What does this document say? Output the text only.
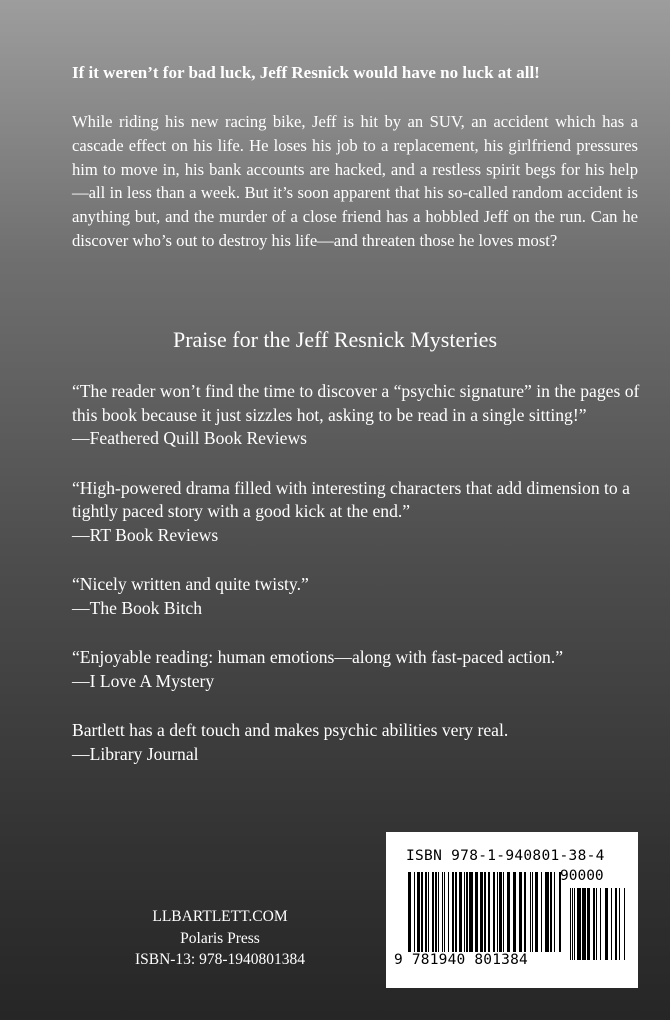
If it weren’t for bad luck, Jeff Resnick would have no luck at all!
While riding his new racing bike, Jeff is hit by an SUV, an accident which has a cascade effect on his life. He loses his job to a replacement, his girlfriend pressures him to move in, his bank accounts are hacked, and a restless spirit begs for his help—all in less than a week. But it’s soon apparent that his so-called random accident is anything but, and the murder of a close friend has a hobbled Jeff on the run. Can he discover who’s out to destroy his life—and threaten those he loves most?
Praise for the Jeff Resnick Mysteries
“The reader won’t find the time to discover a “psychic signature” in the pages of this book because it just sizzles hot, asking to be read in a single sitting!”
—Feathered Quill Book Reviews
“High-powered drama filled with interesting characters that add dimension to a tightly paced story with a good kick at the end.”
—RT Book Reviews
“Nicely written and quite twisty.”
—The Book Bitch
“Enjoyable reading: human emotions—along with fast-paced action.”
—I Love A Mystery
Bartlett has a deft touch and makes psychic abilities very real.
—Library Journal
LLBARTLETT.COM
Polaris Press
ISBN-13: 978-1940801384
ISBN 978-1-940801-38-4
90000
9 781940 801384
